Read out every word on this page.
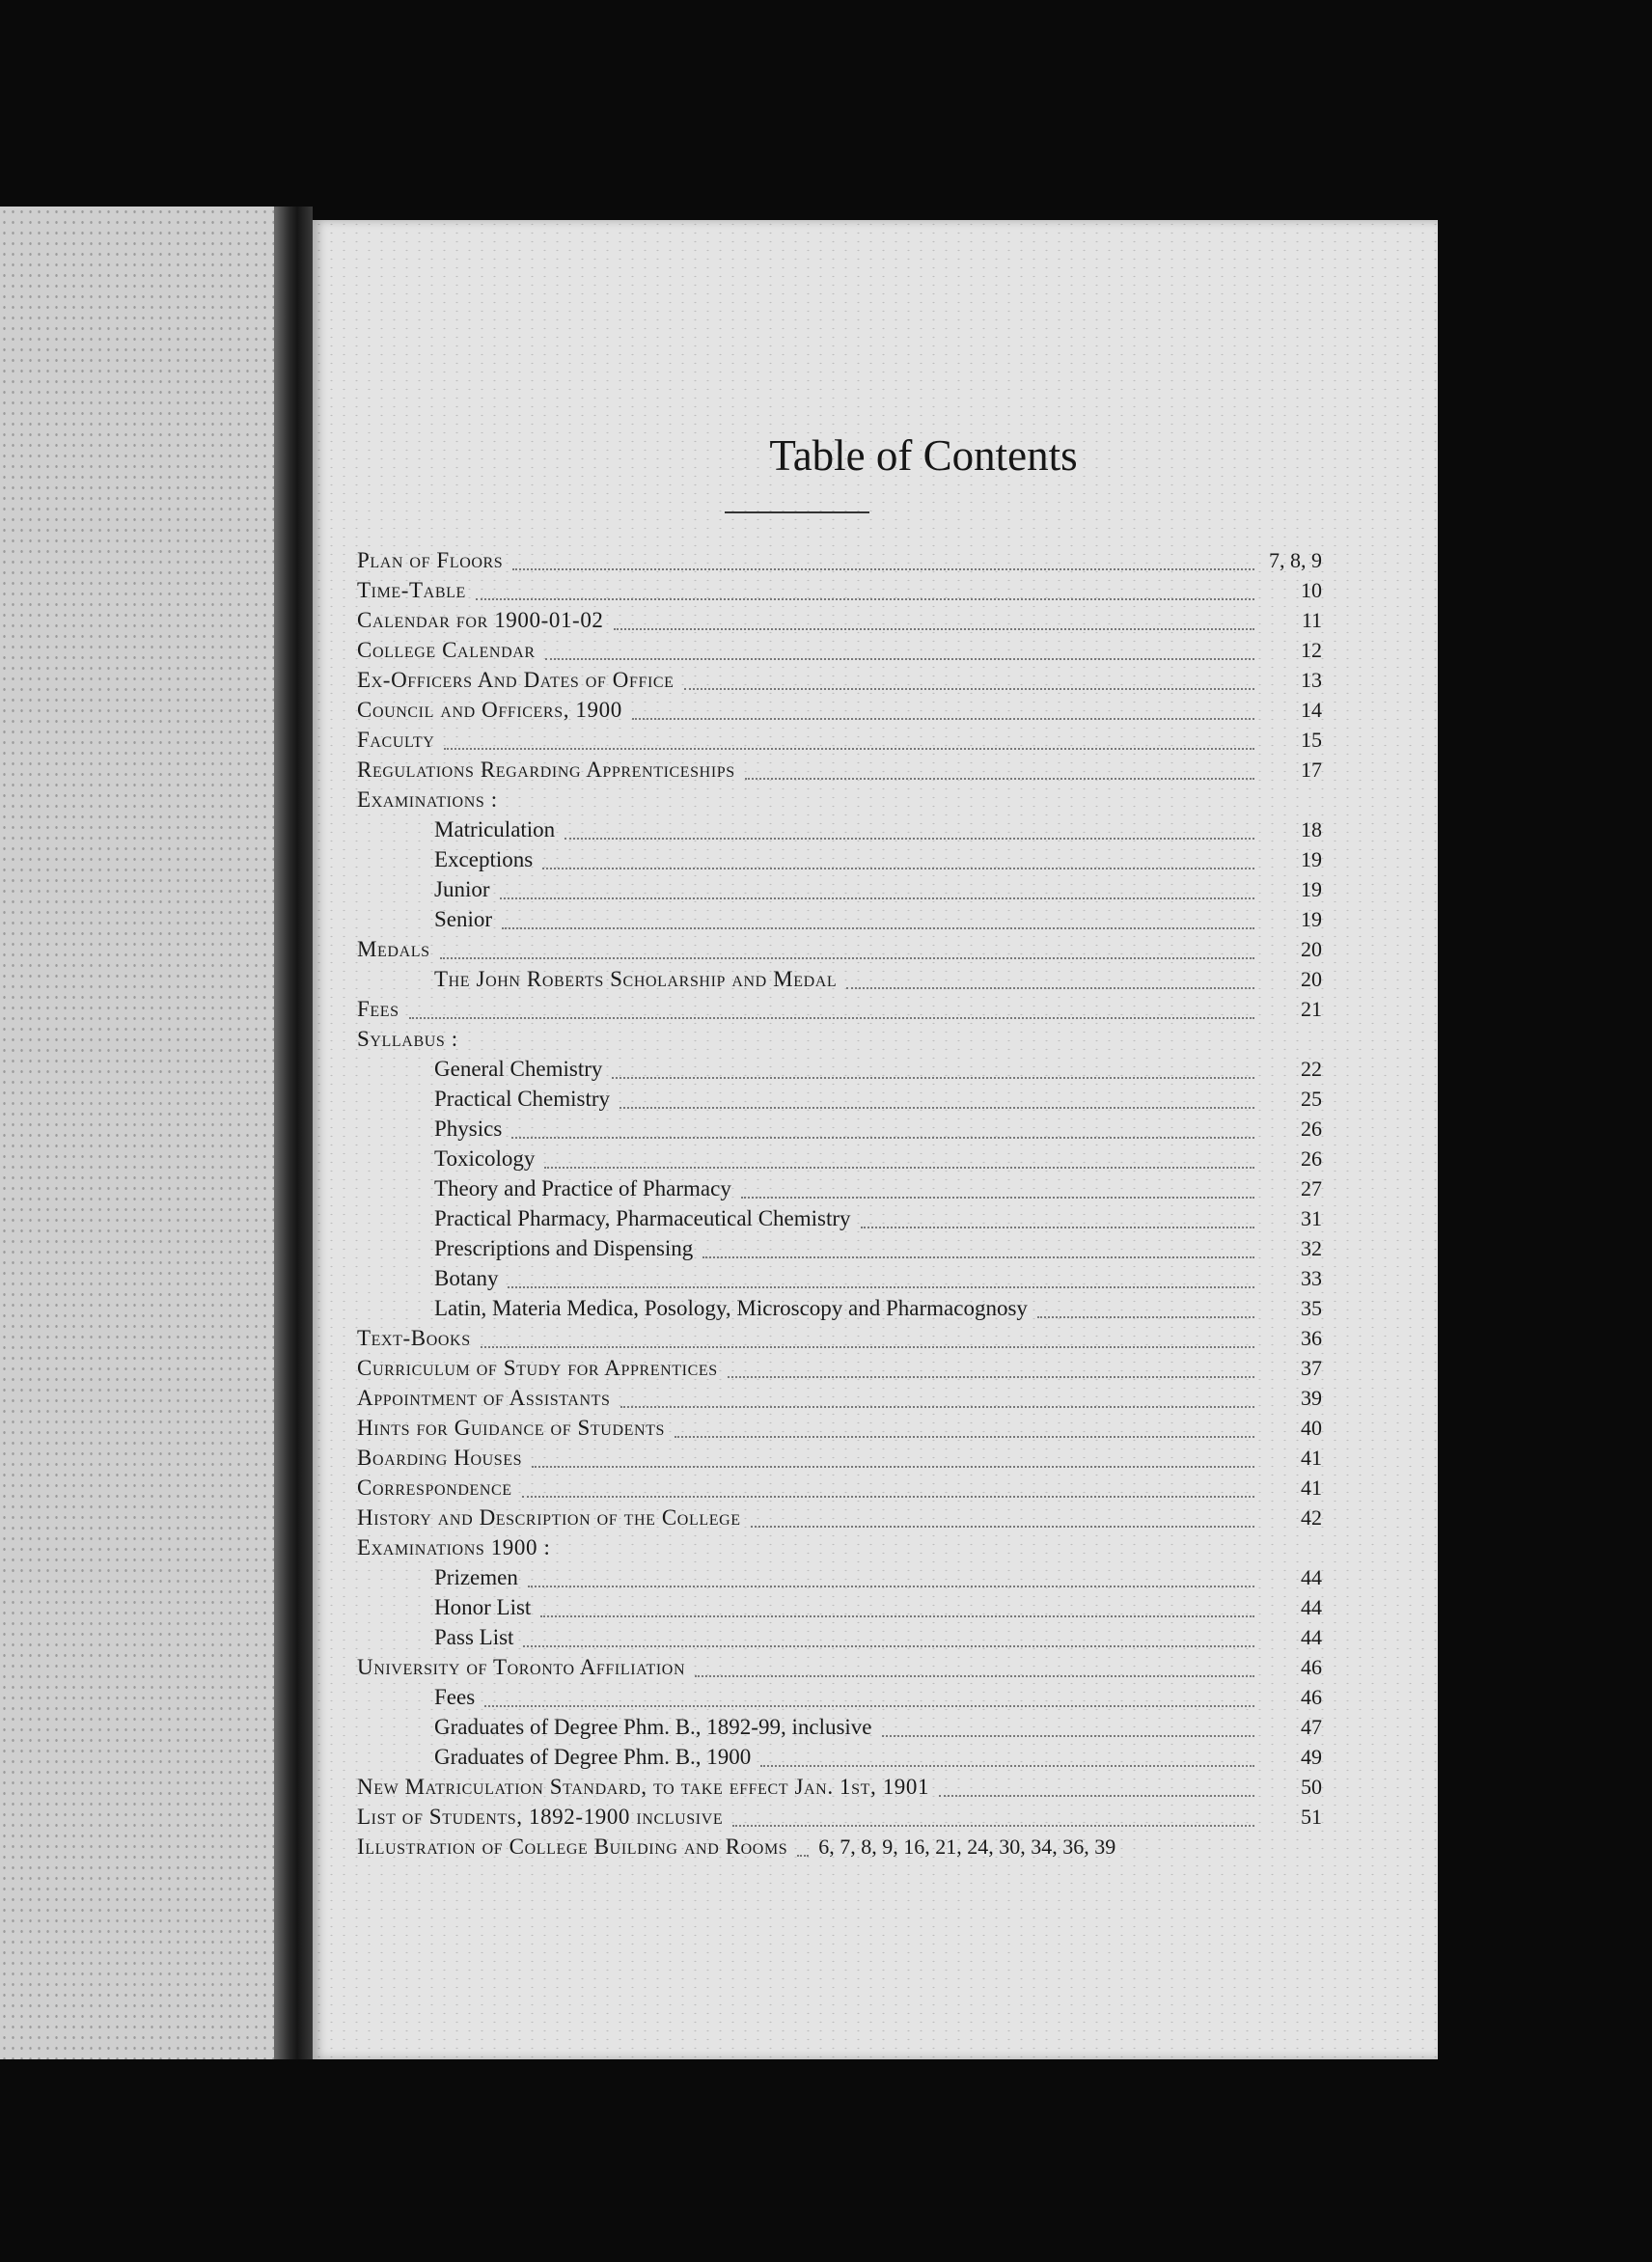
Table of Contents
Plan of Floors	7, 8, 9
Time-Table	10
Calendar for 1900-01-02	11
College Calendar	12
Ex-Officers And Dates of Office	13
Council and Officers, 1900	14
Faculty	15
Regulations Regarding Apprenticeships	17
Examinations :
Matriculation	18
Exceptions	19
Junior	19
Senior	19
Medals	20
The John Roberts Scholarship and Medal	20
Fees	21
Syllabus :
General Chemistry	22
Practical Chemistry	25
Physics	26
Toxicology	26
Theory and Practice of Pharmacy	27
Practical Pharmacy, Pharmaceutical Chemistry	31
Prescriptions and Dispensing	32
Botany	33
Latin, Materia Medica, Posology, Microscopy and Pharmacognosy	35
Text-Books	36
Curriculum of Study for Apprentices	37
Appointment of Assistants	39
Hints for Guidance of Students	40
Boarding Houses	41
Correspondence	41
History and Description of the College	42
Examinations 1900 :
Prizemen	44
Honor List	44
Pass List	44
University of Toronto Affiliation	46
Fees	46
Graduates of Degree Phm. B., 1892-99, inclusive	47
Graduates of Degree Phm. B., 1900	49
New Matriculation Standard, to take effect Jan. 1st, 1901	50
List of Students, 1892-1900 inclusive	51
Illustration of College Building and Rooms 6, 7, 8, 9, 16, 21, 24, 30, 34, 36, 39
